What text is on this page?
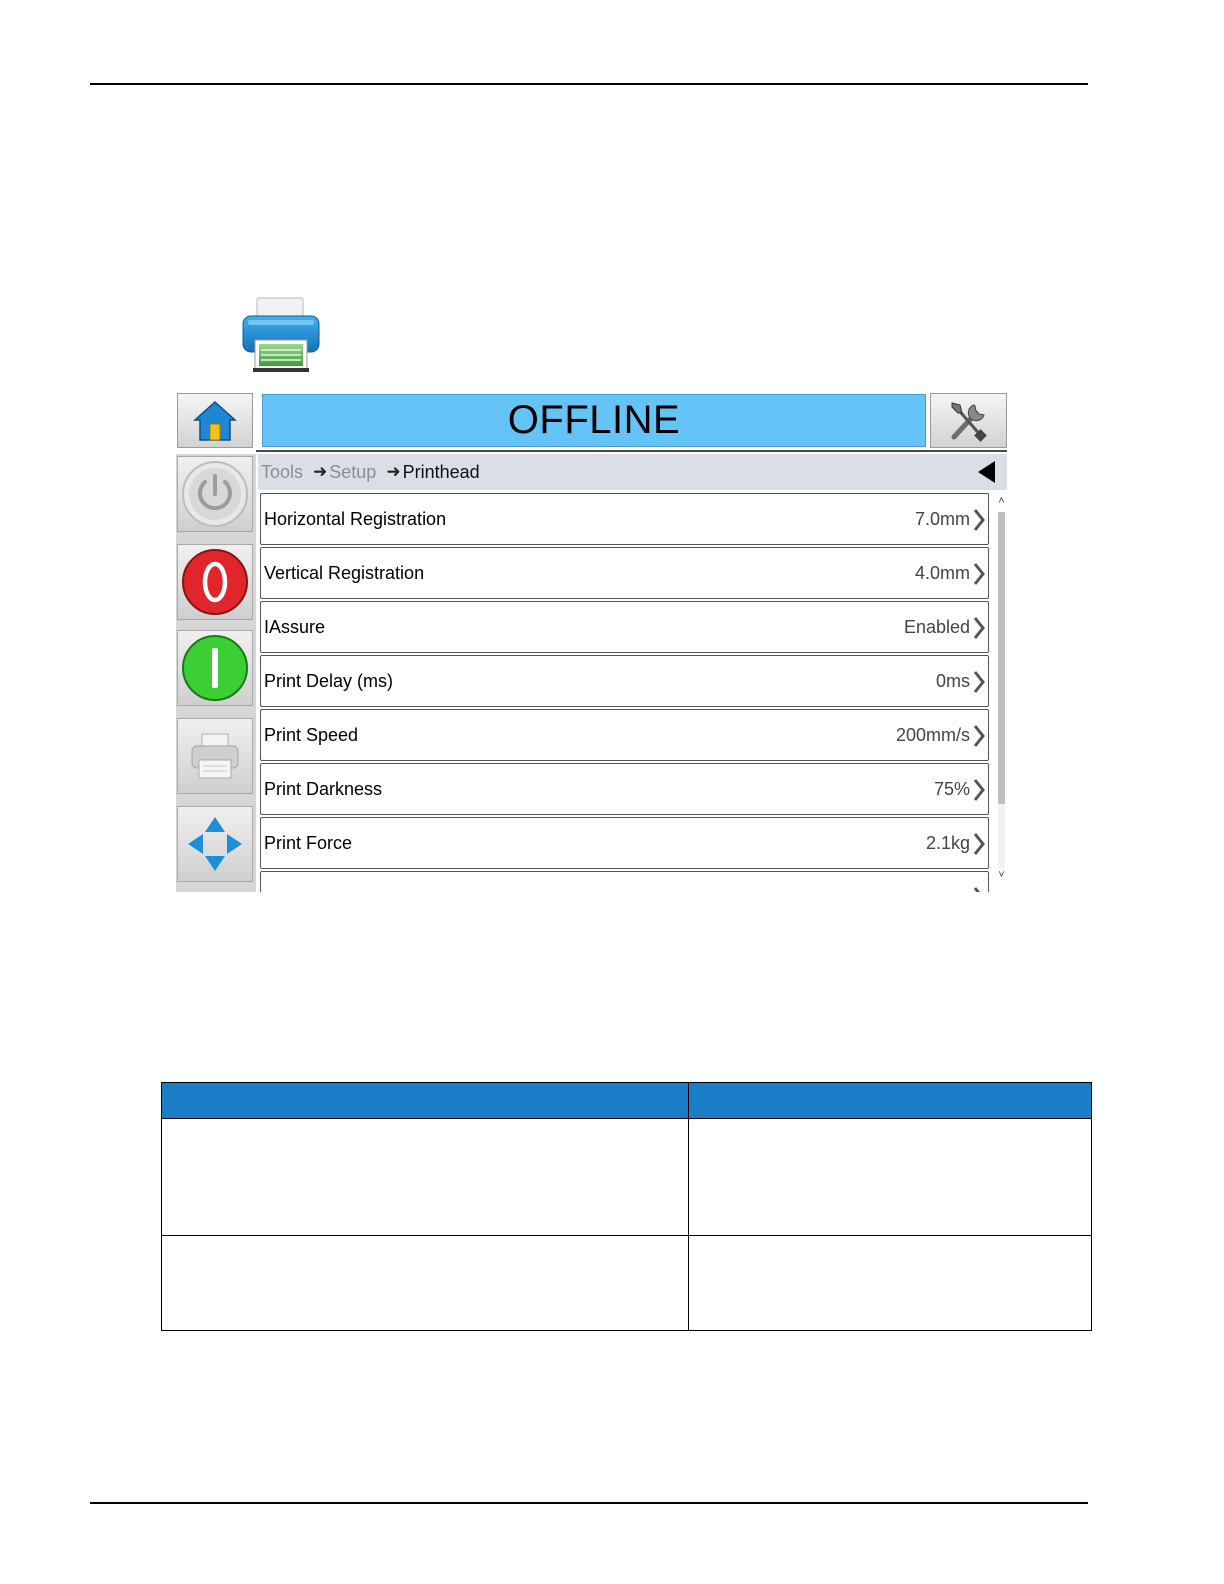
OFFLINE
Tools ➜ Setup ➜ Printhead
Horizontal Registration	7.0mm
Vertical Registration	4.0mm
IAssure	Enabled
Print Delay (ms)	0ms
Print Speed	200mm/s
Print Darkness	75%
Print Force	2.1kg
˄
˅
